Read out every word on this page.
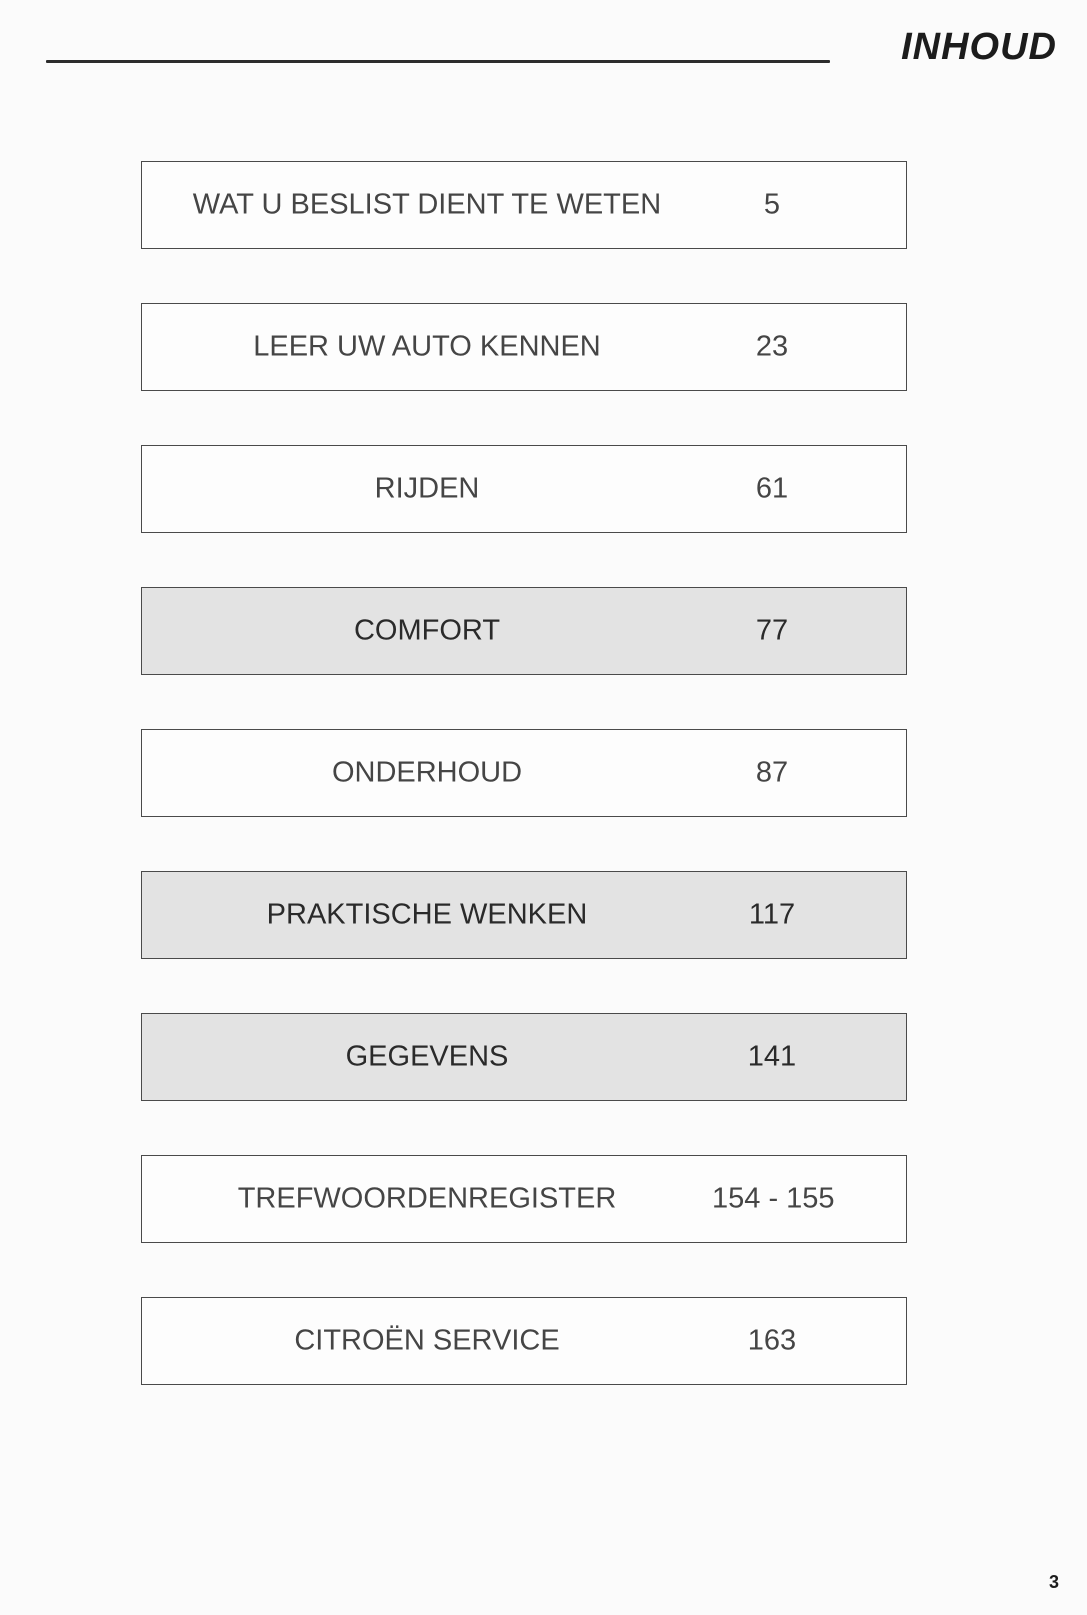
INHOUD
WAT U BESLIST DIENT TE WETEN	5
LEER UW AUTO KENNEN	23
RIJDEN	61
COMFORT	77
ONDERHOUD	87
PRAKTISCHE WENKEN	117
GEGEVENS	141
TREFWOORDENREGISTER	154 - 155
CITROËN SERVICE	163
3
